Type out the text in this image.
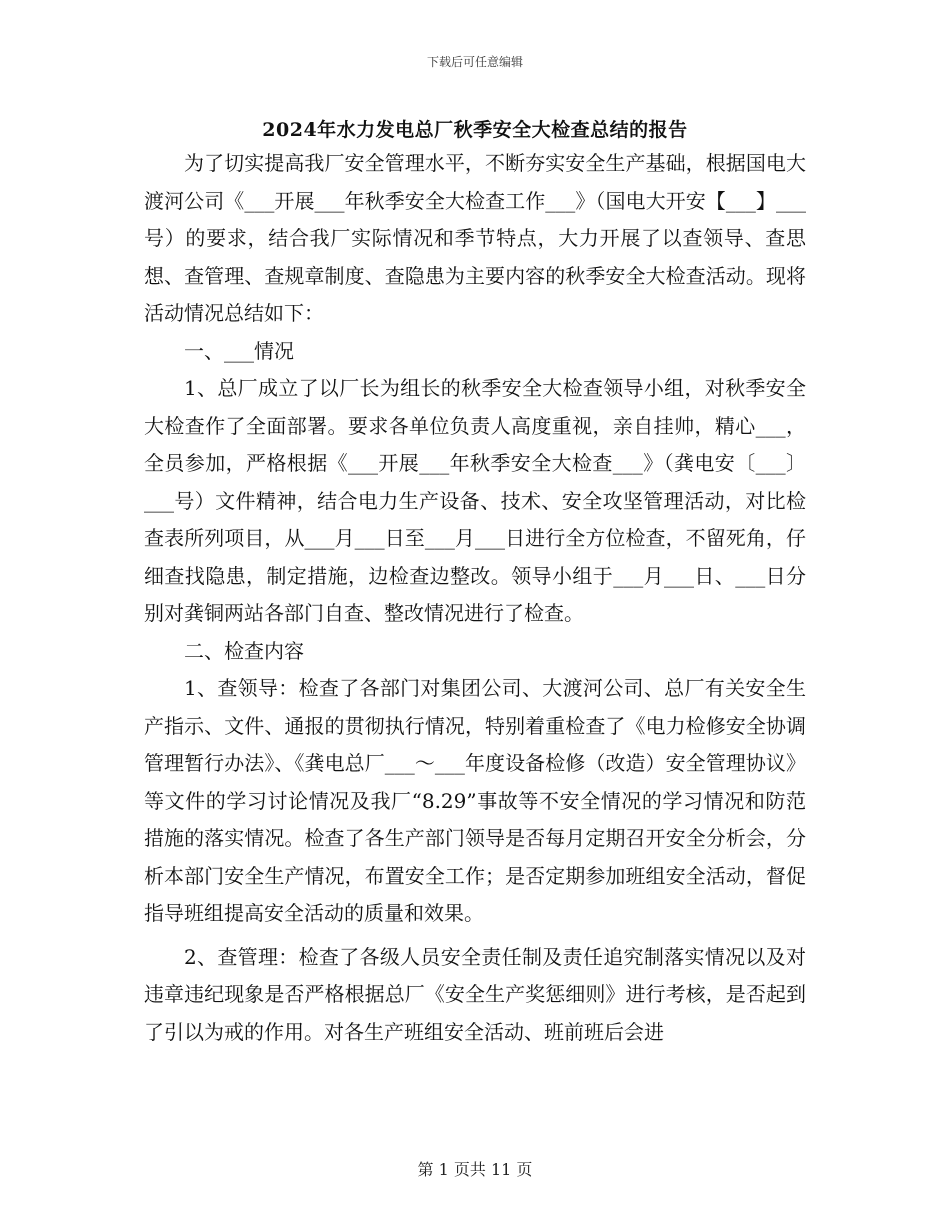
下载后可任意编辑
2024年水力发电总厂秋季安全大检查总结的报告

为了切实提高我厂安全管理水平，不断夯实安全生产基础，根据国电大渡河公司《___开展___年秋季安全大检查工作___》（国电大开安【___】___号）的要求，结合我厂实际情况和季节特点，大力开展了以查领导、查思想、查管理、查规章制度、查隐患为主要内容的秋季安全大检查活动。现将活动情况总结如下：

一、___情况

1、总厂成立了以厂长为组长的秋季安全大检查领导小组，对秋季安全大检查作了全面部署。要求各单位负责人高度重视，亲自挂帅，精心___，全员参加，严格根据《___开展___年秋季安全大检查___》（龚电安〔___〕___号）文件精神，结合电力生产设备、技术、安全攻坚管理活动，对比检查表所列项目，从___月___日至___月___日进行全方位检查，不留死角，仔细查找隐患，制定措施，边检查边整改。领导小组于___月___日、___日分别对龚铜两站各部门自查、整改情况进行了检查。

二、检查内容

1、查领导：检查了各部门对集团公司、大渡河公司、总厂有关安全生产指示、文件、通报的贯彻执行情况，特别着重检查了《电力检修安全协调管理暂行办法》、《龚电总厂___～___年度设备检修（改造）安全管理协议》等文件的学习讨论情况及我厂“8.29”事故等不安全情况的学习情况和防范措施的落实情况。检查了各生产部门领导是否每月定期召开安全分析会，分析本部门安全生产情况，布置安全工作；是否定期参加班组安全活动，督促指导班组提高安全活动的质量和效果。

2、查管理：检查了各级人员安全责任制及责任追究制落实情况以及对违章违纪现象是否严格根据总厂《安全生产奖惩细则》进行考核，是否起到了引以为戒的作用。对各生产班组安全活动、班前班后会进

第 1 页共 11 页
